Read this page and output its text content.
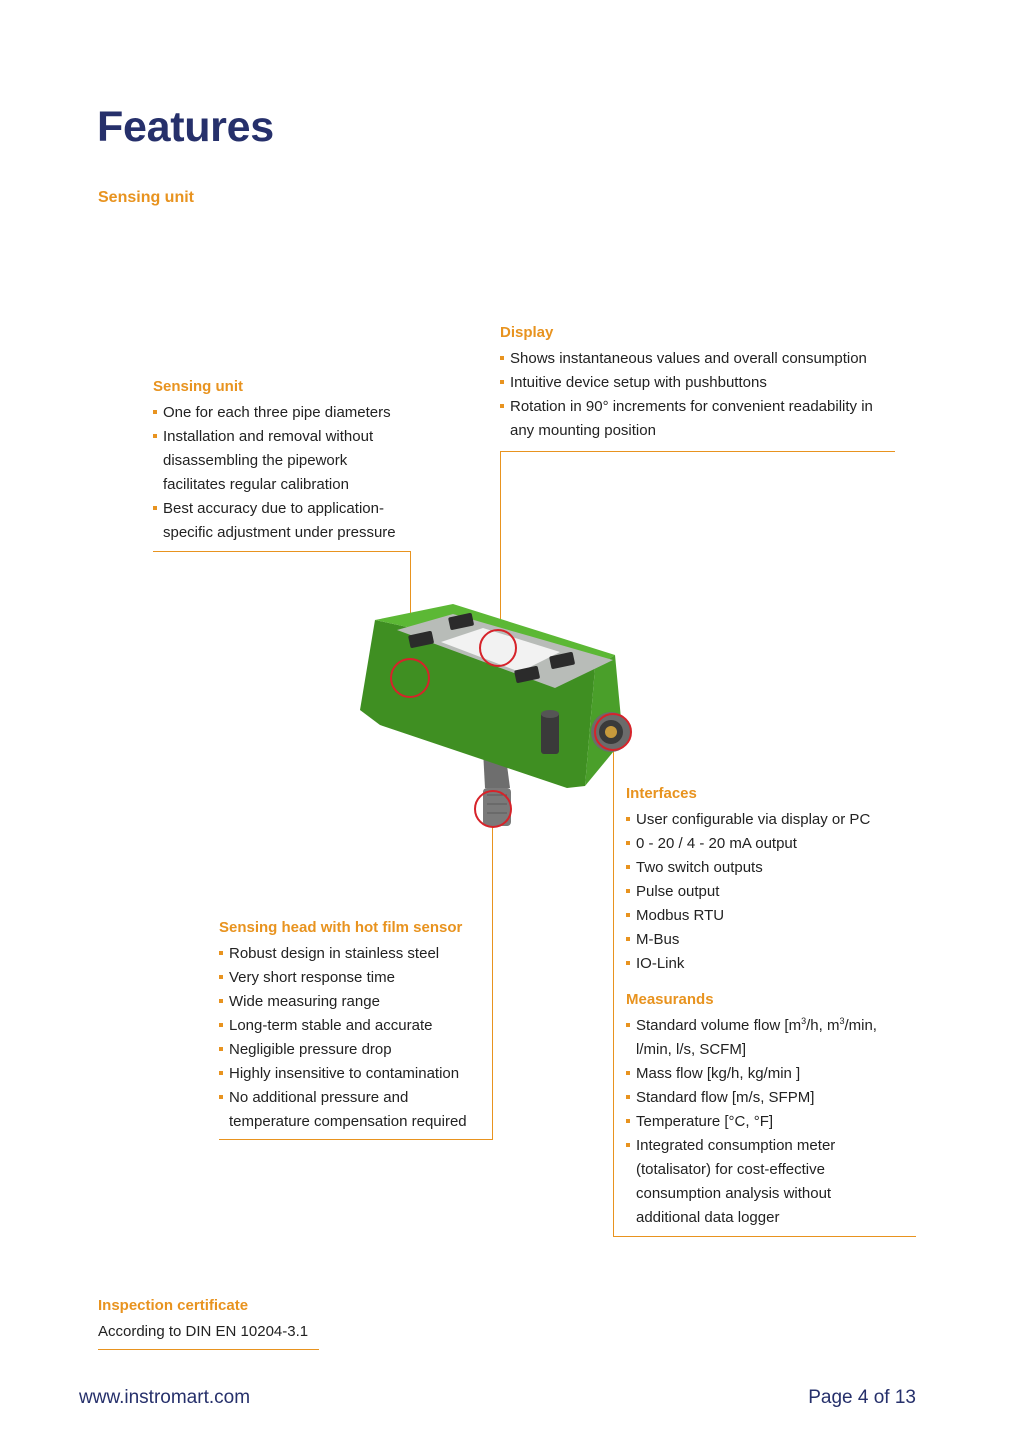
Features
Sensing unit
Display
Shows instantaneous values and overall consumption
Intuitive device setup with pushbuttons
Rotation in 90° increments for convenient readability in any mounting position
Sensing unit
One for each three pipe diameters
Installation and removal without disassembling the pipework facilitates regular calibration
Best accuracy due to application-specific adjustment under pressure
Interfaces
User configurable via display or PC
0 - 20 / 4 - 20 mA output
Two switch outputs
Pulse output
Modbus RTU
M-Bus
IO-Link
Measurands
Standard volume flow [$m^3/h$, $m^3/\min$, l/min, l/s, SCFM]
Mass flow [kg/h, kg/min ]
Standard flow [m/s, SFPM]
Temperature [°C, °F]
Integrated consumption meter (totalisator) for cost-effective consumption analysis without additional data logger
Sensing head with hot film sensor
Robust design in stainless steel
Very short response time
Wide measuring range
Long-term stable and accurate
Negligible pressure drop
Highly insensitive to contamination
No additional pressure and temperature compensation required
Inspection certificate
According to DIN EN 10204-3.1
www.instromart.com	Page 4 of 13
